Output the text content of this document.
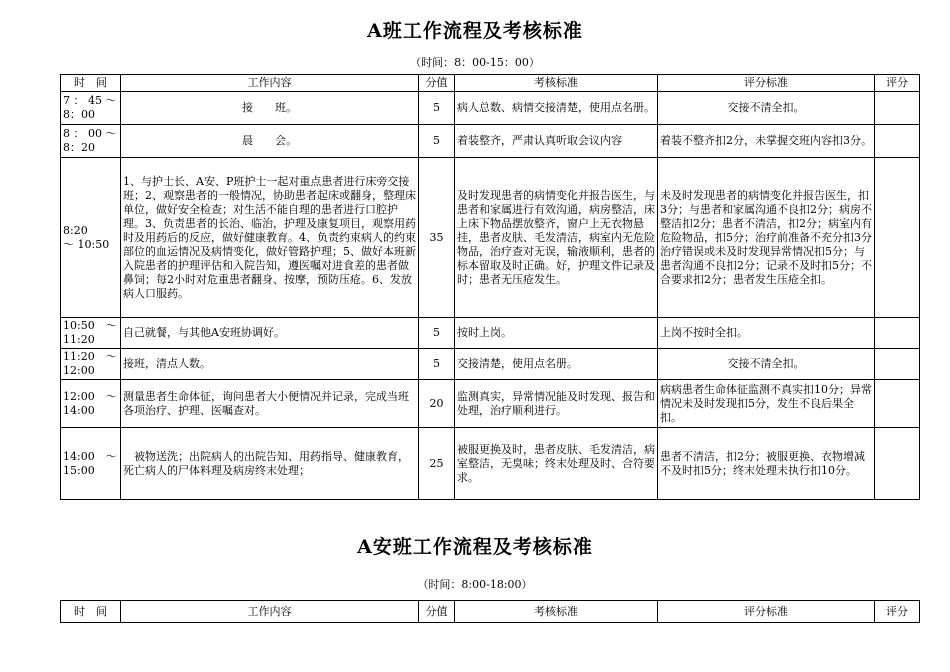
A班工作流程及考核标准
（时间：8：00-15：00）
时　间	工作内容	分值	考核标准	评分标准	评分
7 ： 45 ～ 8：00	接　　班。	5	病人总数、病情交接清楚，使用点名册。	交接不清全扣。	
8 ： 00 ～ 8：20	晨　　会。	5	着装整齐，严肃认真听取会议内容	着装不整齐扣2分，未掌握交班内容扣3分。	
8:20　　～ 10:50	1、与护士长、A安、P班护士一起对重点患者进行床旁交接班；2、观察患者的一般情况，协助患者起床或翻身，整理床单位，做好安全检查；对生活不能自理的患者进行口腔护理。3、负责患者的长治、临治，护理及康复项目，观察用药时及用药后的反应，做好健康教育。4、负责约束病人的约束部位的血运情况及病情变化，做好管路护理；5、做好本班新入院患者的护理评估和入院告知，遵医嘱对进食差的患者做鼻饲；每2小时对危重患者翻身、按摩，预防压疮。6、发放病人口服药。	35	及时发现患者的病情变化并报告医生，与患者和家属进行有效沟通，病房整洁，床上床下物品摆放整齐，窗户上无衣物悬挂，患者皮肤、毛发清洁，病室内无危险物品，治疗查对无误，输液顺利，患者的标本留取及时正确。好，护理文件记录及时；患者无压疮发生。	未及时发现患者的病情变化并报告医生，扣3分；与患者和家属沟通不良扣2分；病房不整洁扣2分；患者不清洁，扣2分；病室内有危险物品，扣5分；治疗前准备不充分扣3分治疗错误或未及时发现异常情况扣5分；与患者沟通不良扣2分；记录不及时扣5分；不合要求扣2分；患者发生压疮全扣。	
10:50　～ 11:20	自己就餐，与其他A安班协调好。	5	按时上岗。	上岗不按时全扣。	
11:20　～ 12:00	接班，清点人数。	5	交接清楚，使用点名册。	交接不清全扣。	
12:00　～ 14:00	测量患者生命体征，询问患者大小便情况并记录，完成当班各项治疗、护理、医嘱查对。	20	监测真实，异常情况能及时发现、报告和处理，治疗顺利进行。	病病患者生命体征监测不真实扣10分；异常情况未及时发现扣5分，发生不良后果全扣。	
14:00　～ 15:00	　被物送洗；出院病人的出院告知、用药指导、健康教育，死亡病人的尸体料理及病房终末处理；	25	被服更换及时，患者皮肤、毛发清洁，病室整洁，无臭味；终末处理及时、合符要求。	患者不清洁，扣2分；被服更换、衣物增减不及时扣5分；终末处理未执行扣10分。	
A安班工作流程及考核标准
（时间：8:00-18:00）
时　间	工作内容	分值	考核标准	评分标准	评分
